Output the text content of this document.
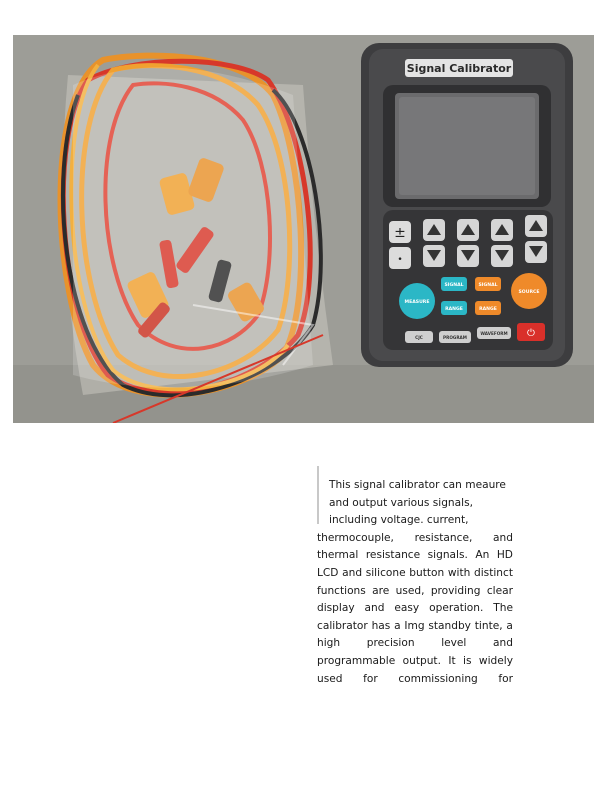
Signal Calibrator
±
•
MEASURE
SIGNAL
RANGE
SIGNAL
RANGE
SOURCE
CJC	PROGRAM
WAVEFORM ⏻
This signal calibrator can meaure
and output various signals,
including voltage. current,
thermocouple, resistance, and
thermal resistance signals. An HD
LCD and silicone button with distinct
functions are used, providing clear
display and easy operation. The
calibrator has a Img standby tinte, a
high	precision	level	and
programmable output. It is widely
used for commissioning for
